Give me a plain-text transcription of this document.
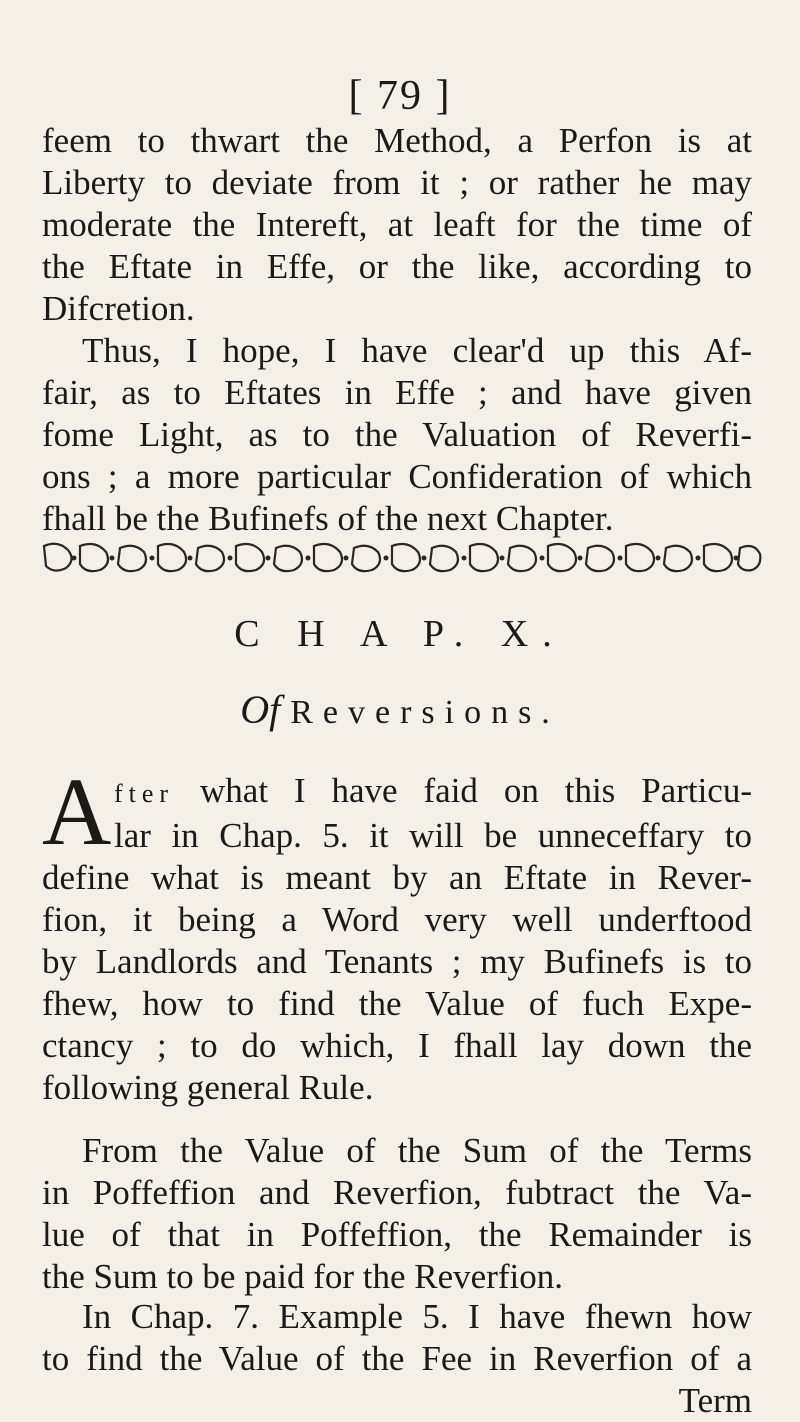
[ 79 ]
feem to thwart the Method, a Perfon is at
Liberty to deviate from it ; or rather he may
moderate the Intereft, at leaft for the time of
the Eftate in Effe, or the like, according to
Difcretion.
Thus, I hope, I have clear'd up this Af-
fair, as to Eftates in Effe ; and have given
fome Light, as to the Valuation of Reverfi-
ons ; a more particular Confideration of which
fhall be the Bufinefs of the next Chapter.
C H A P. X.
Of Reversions.
A fter what I have faid on this Particu-
lar in Chap. 5. it will be unneceffary to
define what is meant by an Eftate in Rever-
fion, it being a Word very well underftood
by Landlords and Tenants ; my Bufinefs is to
fhew, how to find the Value of fuch Expe-
ctancy ; to do which, I fhall lay down the
following general Rule.
From the Value of the Sum of the Terms
in Poffeffion and Reverfion, fubtract the Va-
lue of that in Poffeffion, the Remainder is
the Sum to be paid for the Reverfion.
In Chap. 7. Example 5. I have fhewn how
to find the Value of the Fee in Reverfion of a
Term
